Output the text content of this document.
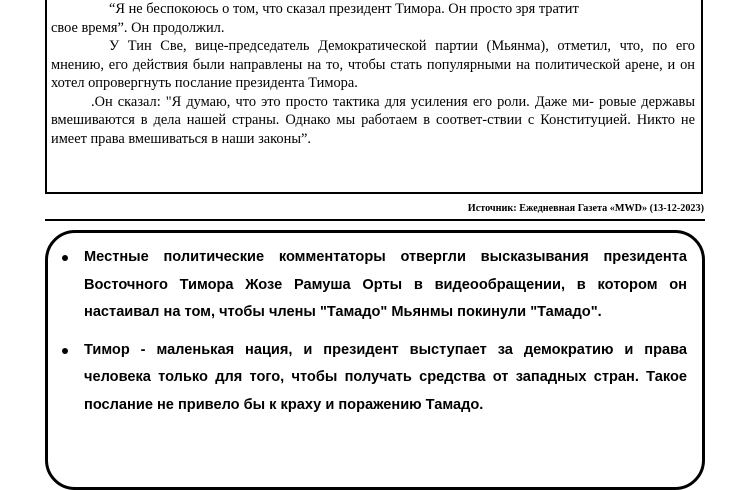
“Я не беспокоюсь о том, что сказал президент Тимора. Он просто зря тратит
свое время”. Он продолжил.

У Тин Све, вице-председатель Демократической партии (Мьянма), отметил, что, по его мнению, его действия были направлены на то, чтобы стать популярными на политической арене, и он хотел опровергнуть послание президента Тимора.

.Он сказал: "Я думаю, что это просто тактика для усиления его роли. Даже ми- ровые державы вмешиваются в дела нашей страны. Однако мы работаем в соответ-ствии с Конституцией. Никто не имеет права вмешиваться в наши законы”.

Источник: Ежедневная Газета «MWD» (13-12-2023)
Местные политические комментаторы отвергли высказывания президента Восточного Тимора Жозе Рамуша Орты в видеообращении, в котором он настаивал на том, чтобы члены "Тамадо" Мьянмы покинули "Тамадо".
Тимор - маленькая нация, и президент выступает за демократию и права человека только для того, чтобы получать средства от западных стран. Такое послание не привело бы к краху и поражению Тамадо.
